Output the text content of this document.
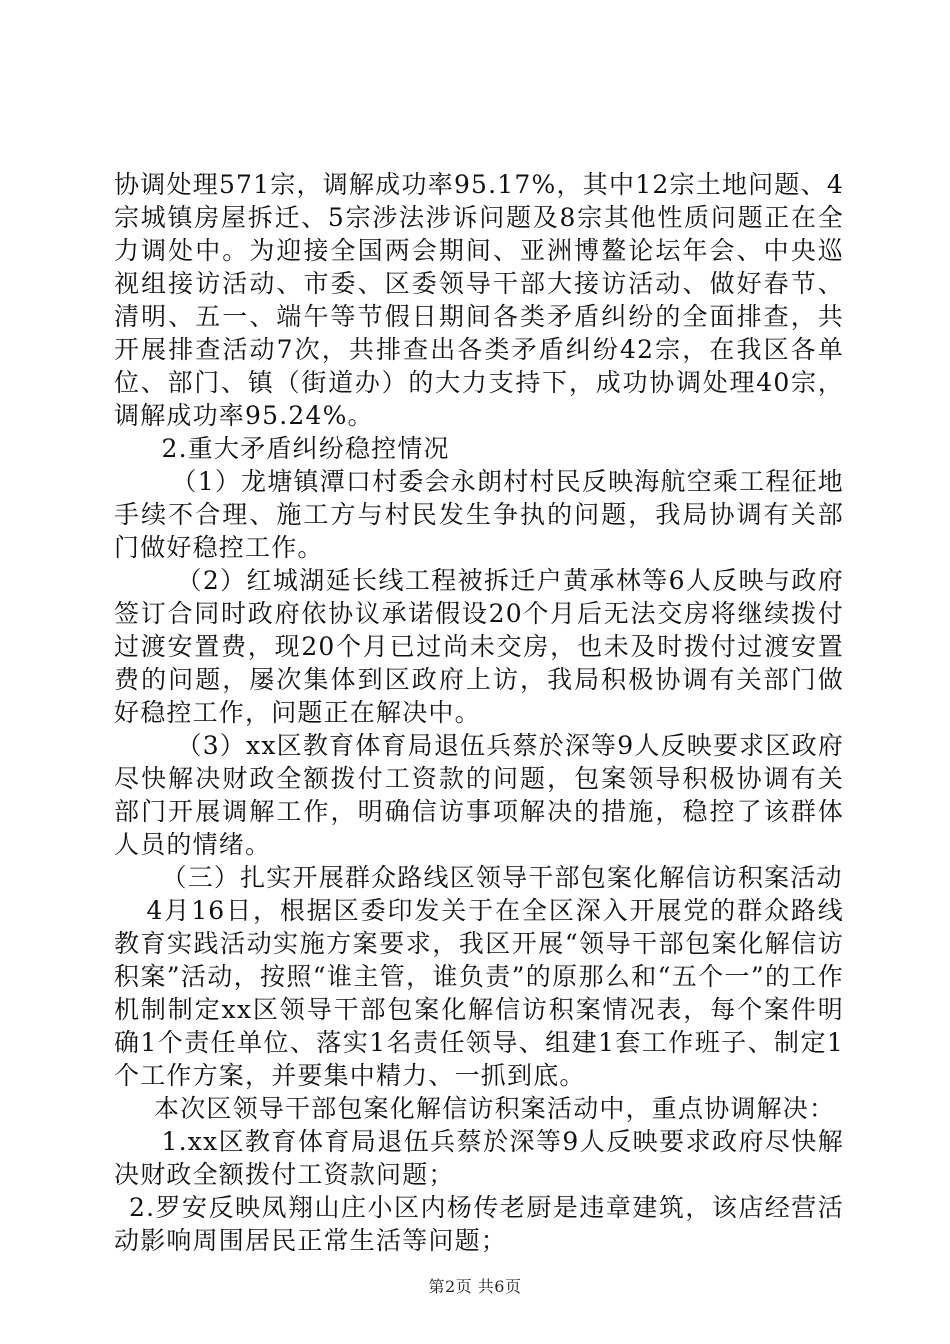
协调处理571宗，调解成功率95.17%，其中12宗土地问题、4宗城镇房屋拆迁、5宗涉法涉诉问题及8宗其他性质问题正在全力调处中。为迎接全国两会期间、亚洲博鳌论坛年会、中央巡视组接访活动、市委、区委领导干部大接访活动、做好春节、清明、五一、端午等节假日期间各类矛盾纠纷的全面排查，共开展排查活动7次，共排查出各类矛盾纠纷42宗，在我区各单位、部门、镇（街道办）的大力支持下，成功协调处理40宗，调解成功率95.24%。

2.重大矛盾纠纷稳控情况

（1）龙塘镇潭口村委会永朗村村民反映海航空乘工程征地手续不合理、施工方与村民发生争执的问题，我局协调有关部门做好稳控工作。

（2）红城湖延长线工程被拆迁户黄承林等6人反映与政府签订合同时政府依协议承诺假设20个月后无法交房将继续拨付过渡安置费，现20个月已过尚未交房，也未及时拨付过渡安置费的问题，屡次集体到区政府上访，我局积极协调有关部门做好稳控工作，问题正在解决中。

（3）xx区教育体育局退伍兵蔡於深等9人反映要求区政府尽快解决财政全额拨付工资款的问题，包案领导积极协调有关部门开展调解工作，明确信访事项解决的措施，稳控了该群体人员的情绪。

（三）扎实开展群众路线区领导干部包案化解信访积案活动

4月16日，根据区委印发关于在全区深入开展党的群众路线教育实践活动实施方案要求，我区开展“领导干部包案化解信访积案”活动，按照“谁主管，谁负责”的原那么和“五个一”的工作机制制定xx区领导干部包案化解信访积案情况表，每个案件明确1个责任单位、落实1名责任领导、组建1套工作班子、制定1个工作方案，并要集中精力、一抓到底。

本次区领导干部包案化解信访积案活动中，重点协调解决：

1.xx区教育体育局退伍兵蔡於深等9人反映要求政府尽快解决财政全额拨付工资款问题；

2.罗安反映凤翔山庄小区内杨传老厨是违章建筑，该店经营活动影响周围居民正常生活等问题；

第2页 共6页
